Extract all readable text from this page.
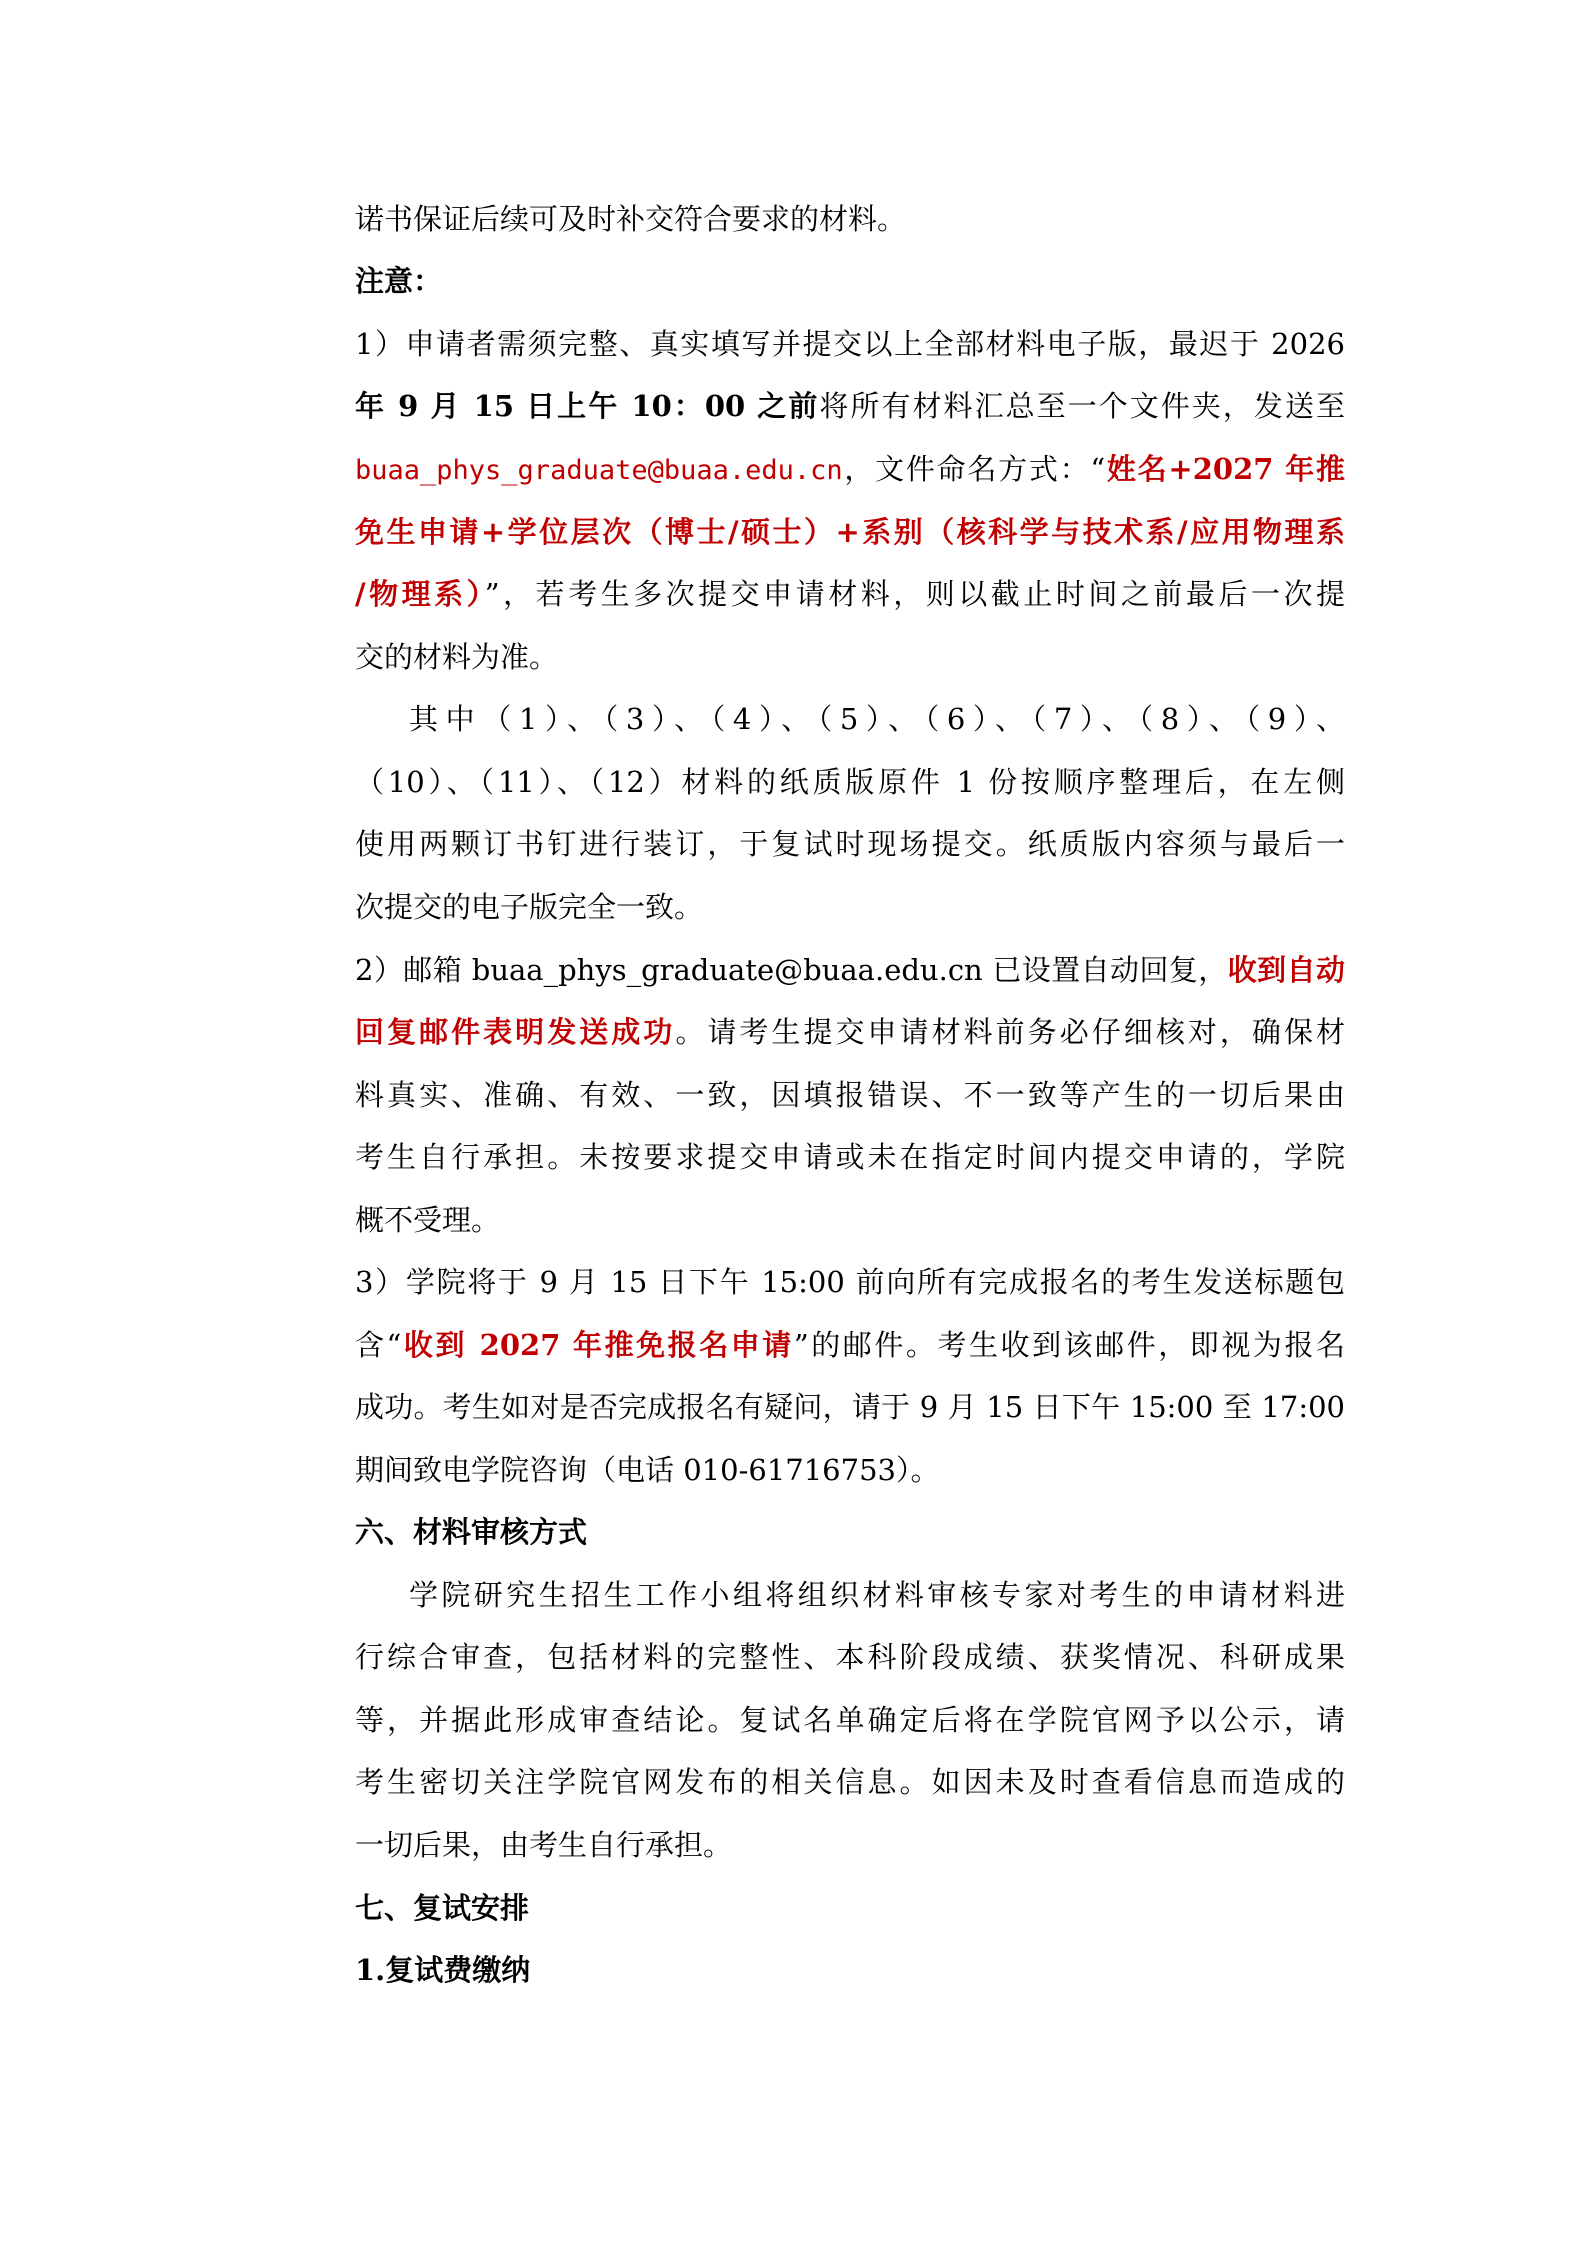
诺书保证后续可及时补交符合要求的材料。
注意：
1）申请者需须完整、真实填写并提交以上全部材料电子版，最迟于 2026
年 9 月 15 日上午 10：00 之前将所有材料汇总至一个文件夹，发送至
buaa_phys_graduate@buaa.edu.cn，文件命名方式：“姓名+2027 年推
免生申请+学位层次（博士/硕士）+系别（核科学与技术系/应用物理系
/物理系）”，若考生多次提交申请材料，则以截止时间之前最后一次提
交的材料为准。
其中（1）、（3）、（4）、（5）、（6）、（7）、（8）、（9）、
（10）、（11）、（12）材料的纸质版原件 1 份按顺序整理后，在左侧
使用两颗订书钉进行装订，于复试时现场提交。纸质版内容须与最后一
次提交的电子版完全一致。
2）邮箱 buaa_phys_graduate@buaa.edu.cn 已设置自动回复，收到自动
回复邮件表明发送成功。请考生提交申请材料前务必仔细核对，确保材
料真实、准确、有效、一致，因填报错误、不一致等产生的一切后果由
考生自行承担。未按要求提交申请或未在指定时间内提交申请的，学院
概不受理。
3）学院将于 9 月 15 日下午 15:00 前向所有完成报名的考生发送标题包
含“收到 2027 年推免报名申请”的邮件。考生收到该邮件，即视为报名
成功。考生如对是否完成报名有疑问，请于 9 月 15 日下午 15:00 至 17:00
期间致电学院咨询（电话 010-61716753）。
六、材料审核方式
学院研究生招生工作小组将组织材料审核专家对考生的申请材料进
行综合审查，包括材料的完整性、本科阶段成绩、获奖情况、科研成果
等，并据此形成审查结论。复试名单确定后将在学院官网予以公示，请
考生密切关注学院官网发布的相关信息。如因未及时查看信息而造成的
一切后果，由考生自行承担。
七、复试安排
1.复试费缴纳
